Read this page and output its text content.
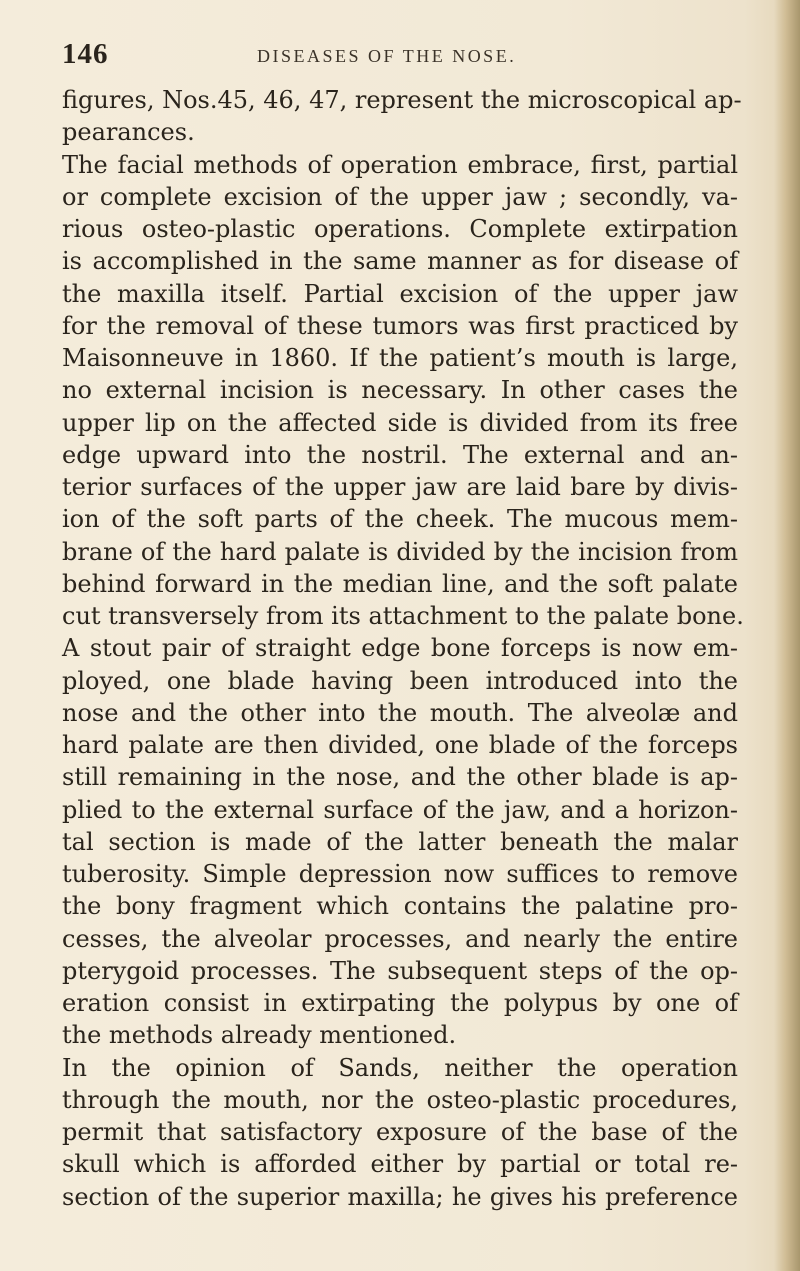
146	DISEASES OF THE NOSE.
figures, Nos.45, 46, 47, represent the microscopical ap-
pearances.
The facial methods of operation embrace, first, partial
or complete excision of the upper jaw ; secondly, va-
rious osteo-plastic operations. Complete extirpation
is accomplished in the same manner as for disease of
the maxilla itself. Partial excision of the upper jaw
for the removal of these tumors was first practiced by
Maisonneuve in 1860. If the patient’s mouth is large,
no external incision is necessary. In other cases the
upper lip on the affected side is divided from its free
edge upward into the nostril. The external and an-
terior surfaces of the upper jaw are laid bare by divis-
ion of the soft parts of the cheek. The mucous mem-
brane of the hard palate is divided by the incision from
behind forward in the median line, and the soft palate
cut transversely from its attachment to the palate bone.
A stout pair of straight edge bone forceps is now em-
ployed, one blade having been introduced into the
nose and the other into the mouth. The alveolæ and
hard palate are then divided, one blade of the forceps
still remaining in the nose, and the other blade is ap-
plied to the external surface of the jaw, and a horizon-
tal section is made of the latter beneath the malar
tuberosity. Simple depression now suffices to remove
the bony fragment which contains the palatine pro-
cesses, the alveolar processes, and nearly the entire
pterygoid processes. The subsequent steps of the op-
eration consist in extirpating the polypus by one of
the methods already mentioned.
In the opinion of Sands, neither the operation
through the mouth, nor the osteo-plastic procedures,
permit that satisfactory exposure of the base of the
skull which is afforded either by partial or total re-
section of the superior maxilla; he gives his preference
